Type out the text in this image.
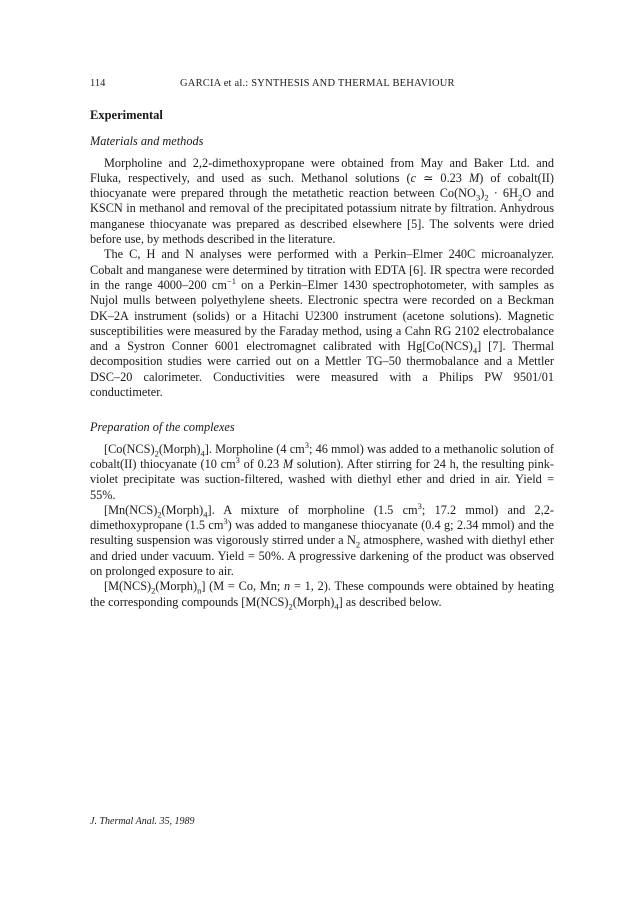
114	GARCIA et al.: SYNTHESIS AND THERMAL BEHAVIOUR
Experimental
Materials and methods

Morpholine and 2,2-dimethoxypropane were obtained from May and Baker Ltd. and Fluka, respectively, and used as such. Methanol solutions (c ≃ 0.23 M) of cobalt(II) thiocyanate were prepared through the metathetic reaction between $Co(NO_3)_2 \cdot 6H_2O$ and KSCN in methanol and removal of the precipitated potassium nitrate by filtration. Anhydrous manganese thiocyanate was prepared as described elsewhere [5]. The solvents were dried before use, by methods described in the literature.

The C, H and N analyses were performed with a Perkin–Elmer 240C microanalyzer. Cobalt and manganese were determined by titration with EDTA [6]. IR spectra were recorded in the range 4000–200 $cm^{-1}$ on a Perkin–Elmer 1430 spectrophotometer, with samples as Nujol mulls between polyethylene sheets. Electronic spectra were recorded on a Beckman DK–2A instrument (solids) or a Hitachi U2300 instrument (acetone solutions). Magnetic susceptibilities were measured by the Faraday method, using a Cahn RG 2102 electrobalance and a Systron Conner 6001 electromagnet calibrated with $Hg[Co(NCS)_4]$ [7]. Thermal decomposition studies were carried out on a Mettler TG–50 thermobalance and a Mettler DSC–20 calorimeter. Conductivities were measured with a Philips PW 9501/01 conductimeter.

Preparation of the complexes

$[Co(NCS)_2(Morph)_4]$. Morpholine (4 $cm^3$; 46 mmol) was added to a methanolic solution of cobalt(II) thiocyanate (10 $cm^3$ of 0.23 M solution). After stirring for 24 h, the resulting pink-violet precipitate was suction-filtered, washed with diethyl ether and dried in air. Yield = 55%.

$[Mn(NCS)_2(Morph)_4]$. A mixture of morpholine (1.5 $cm^3$; 17.2 mmol) and 2,2-dimethoxypropane (1.5 $cm^3$) was added to manganese thiocyanate (0.4 g; 2.34 mmol) and the resulting suspension was vigorously stirred under a $N_2$ atmosphere, washed with diethyl ether and dried under vacuum. Yield = 50%. A progressive darkening of the product was observed on prolonged exposure to air.

$[M(NCS)_2(Morph)_n] (M = Co$, Mn; n = 1, 2). These compounds were obtained by heating the corresponding compounds $[M(NCS)_2(Morph)_4]$ as described below.

J. Thermal Anal. 35, 1989
